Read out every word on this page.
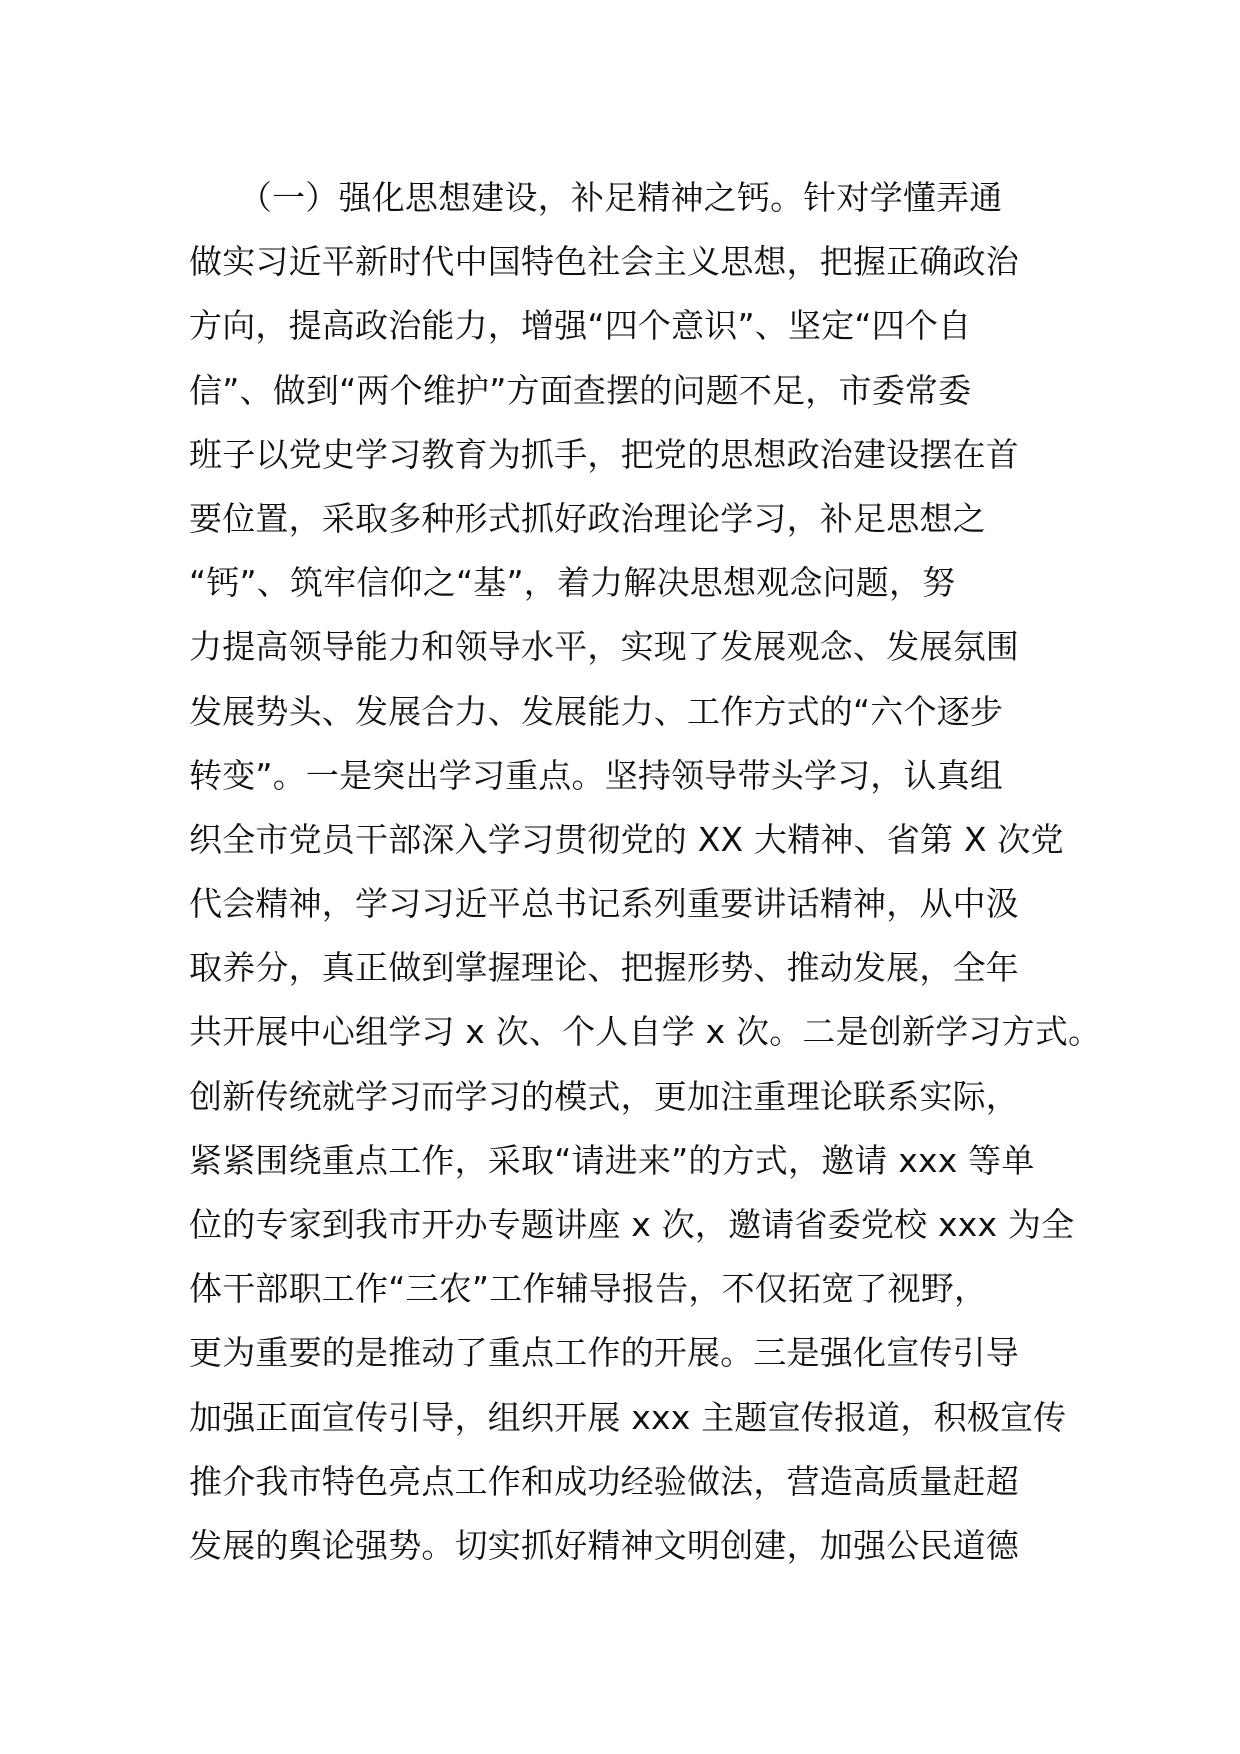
　　（一）强化思想建设，补足精神之钙。针对学懂弄通
做实习近平新时代中国特色社会主义思想，把握正确政治
方向，提高政治能力，增强“四个意识”、坚定“四个自
信”、做到“两个维护”方面查摆的问题不足，市委常委
班子以党史学习教育为抓手，把党的思想政治建设摆在首
要位置，采取多种形式抓好政治理论学习，补足思想之
“钙”、筑牢信仰之“基”，着力解决思想观念问题，努
力提高领导能力和领导水平，实现了发展观念、发展氛围
发展势头、发展合力、发展能力、工作方式的“六个逐步
转变”。一是突出学习重点。坚持领导带头学习，认真组
织全市党员干部深入学习贯彻党的 XX 大精神、省第 X 次党
代会精神，学习习近平总书记系列重要讲话精神，从中汲
取养分，真正做到掌握理论、把握形势、推动发展，全年
共开展中心组学习 x 次、个人自学 x 次。二是创新学习方式。
创新传统就学习而学习的模式，更加注重理论联系实际，
紧紧围绕重点工作，采取“请进来”的方式，邀请 xxx 等单
位的专家到我市开办专题讲座 x 次，邀请省委党校 xxx 为全
体干部职工作“三农”工作辅导报告，不仅拓宽了视野，
更为重要的是推动了重点工作的开展。三是强化宣传引导
加强正面宣传引导，组织开展 xxx 主题宣传报道，积极宣传
推介我市特色亮点工作和成功经验做法，营造高质量赶超
发展的舆论强势。切实抓好精神文明创建，加强公民道德
